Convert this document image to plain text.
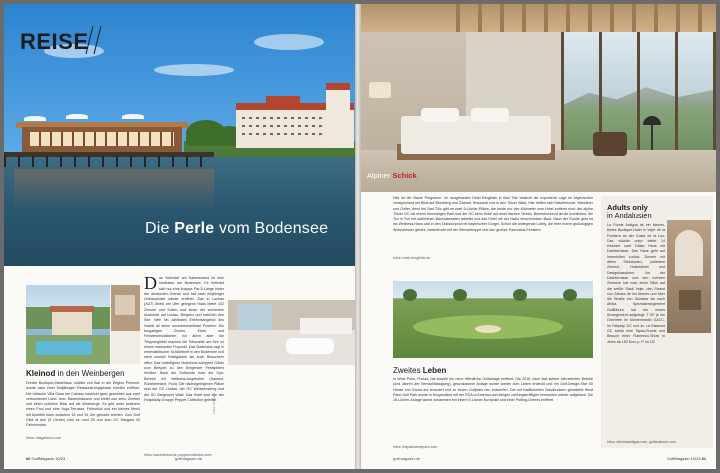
REISE
Die Perle vom Bodensee
Das Seehotel am Kaiserstrand ist eine Institution am Bodensee. Es befindet sich nur eine knappe Par-5-Länge hinter der deutschen Grenze und hat nach einjähriger Umbauphase wieder eröffnet. Das in Lochau (AUT) direkt am Ufer gelegene Haus bietet 102 Zimmer und Suiten und einen der schönsten Ausblicke auf Lindau, Bregenz und natürlich den See. Weil hin zählbares Erlebnisangebot des Hotels ist seine unverwechselbare Position. Die burgartigen Zinnen, Erker und Fenstersimulationen vor allem aber die Treppengiebel machen die Silhouette am See zu einem markanten Fixpunkt. Das Badehaus ragt in minimalistischer Schlichtheit in den Bodensee und steht sowohl Hotelgästen als auch Besuchern offen. Das hoteleigene Motorboot schippert Gäste zum Beispiel zu den Bregenzer Festspielen hinüber. Nach der Golfrunde lockt der Spa-Bereich mit Wellness-Angeboten (Saunen, Ruhebereiche, Pool). Die nächstgelegenen Plätze sind der GC Lindau, der GC Weissensberg und der GC Bregenzer Wald. Das Hotel wird von der Hospitality-Gruppe Pepper Collection geleitet.
Infos: kaiserstrand.at, peppercollection.com
Kleinod in den Weinbergen
Dreizei Boutique-Gästehaus, südlich von Asti in der Region Piemont, wurde nach einer fünfjährigen Restaurierungsphase kürzlich eröffnet. Die hübsche Villa Giara bei Calosso bestrickt ganz geseeben aus zwei verbundenen Land- bzw. Bauernhäusern und bietet nun zehn Zimmer und einen schönen Blick auf die Weinberge. Es gibt unter anderem einen Pool und eine Yoga-Terrasse, Frühstück und ein kleines Menü mit Aperitifs kann zwischen 16 und 19 Uhr gebucht werden. Zum Golf Città di Asti (9 Löcher) sind es rund 25 und zum GC Margara 40 Fahrminuten.
Infos: relagassino.com
Fotos: Seehotel
60 GolfMagazin 10/23	golfmagazin.de
Alpiner Schick
Hier ist der Name Programm. Im neugebauten Hotel Bergblick in Bad Tölz besticht die exponierte Lage im bayerischen Voralpenland mit Blick auf Blomberg und Zwiesel, Brauneck und in den Tölzer Wald. Hier treffen sich Naturfreunde, Wanderer und Golfer, denn bei Bad Tölz gibt es zwei 9-Löcher-Plätze, die beide nur vier Kilometer vom Hotel entfernt sind: der alpine Tölzer GC mit einem ehemaligen Park und der GC beim Hotel auf einer flachen Terrain. Beeindruckend ist die Architektur, die Ton in Ton mit natürlichen Baumaterialien arbeitet und das Hotel mit der Natur verschmelzen lässt. Nach der Runde geht es ins Wellness-Haus und in den Outdoorpool mit bayerischer Gurgel. Schön die anliegende Lobby, die eher einem großzügigen Wohnzimmer gleicht, beeindruckt mit der Wendeltreppe und den großen Panorama-Fenstern.
Infos: hotel-bergblick.de
Zweites Leben
In West Palm, Florida, hat sowohl ein neue öffentliche Golfanlage eröffnet. Die 2016, nach fast sieben Jahrzehnten Betrieb (und Jahren der Vernachlässigung), geschlossene Anlage wurde wieder zum Leben erweckt und ein Golf-Design-Star Gil Hanse von Grund auf renoviert und zu einem Golfplatz neu entworfen. Der mit traditionellen Sandbunkern gestaltete West Palm Golf Park wurde in Kooperation mit der PGA of America und einigen zahlungskräftigen Investoren wieder aufgebaut. Die 18-Löcher-Anlage wurde zusammen mit einem 9-Löcher-Kurzplatz und einer Putting-Greens eröffnet.
Infos: thepalmwestpalm.com
Adults only
in Andalusien
La Fonda Antigua ist ein kleines, feines Boutique-Hotel in Vejer de la Frontera an der Costa de la Luz. Das »Adults only« bietet 14 einzelne zwei Gäste Haus mit Dachterrasse. Das Haus geht auf Innenhöfen zurück. Zimmer mit altem Steinboden, poliertem Zement, Holzmöbeln und Designklassikern. Vor der Dachterrasse und den meisten Zimmern hat man einen Blick auf die weiße Stadt Vejer, den Strand von Zahara de los Atunes und über die Straße von Gibraltar bis nach Afrika. Spezialarrangement Golfführen hat ein neues Arrangement aufgelegt: 7 GF je ein Greenfee im Montenmedio G&CC, im Fairplay GC und im La Estancia GC sowie eine Tapas-Runde und Besuch einer Flamenco-Show in Jerez ab 153 Euro p. P. im DZ.
Infos: lafondaantigua.com, golfandmore.com
golfmagazin.de	GolfMagazin 10/23 61
